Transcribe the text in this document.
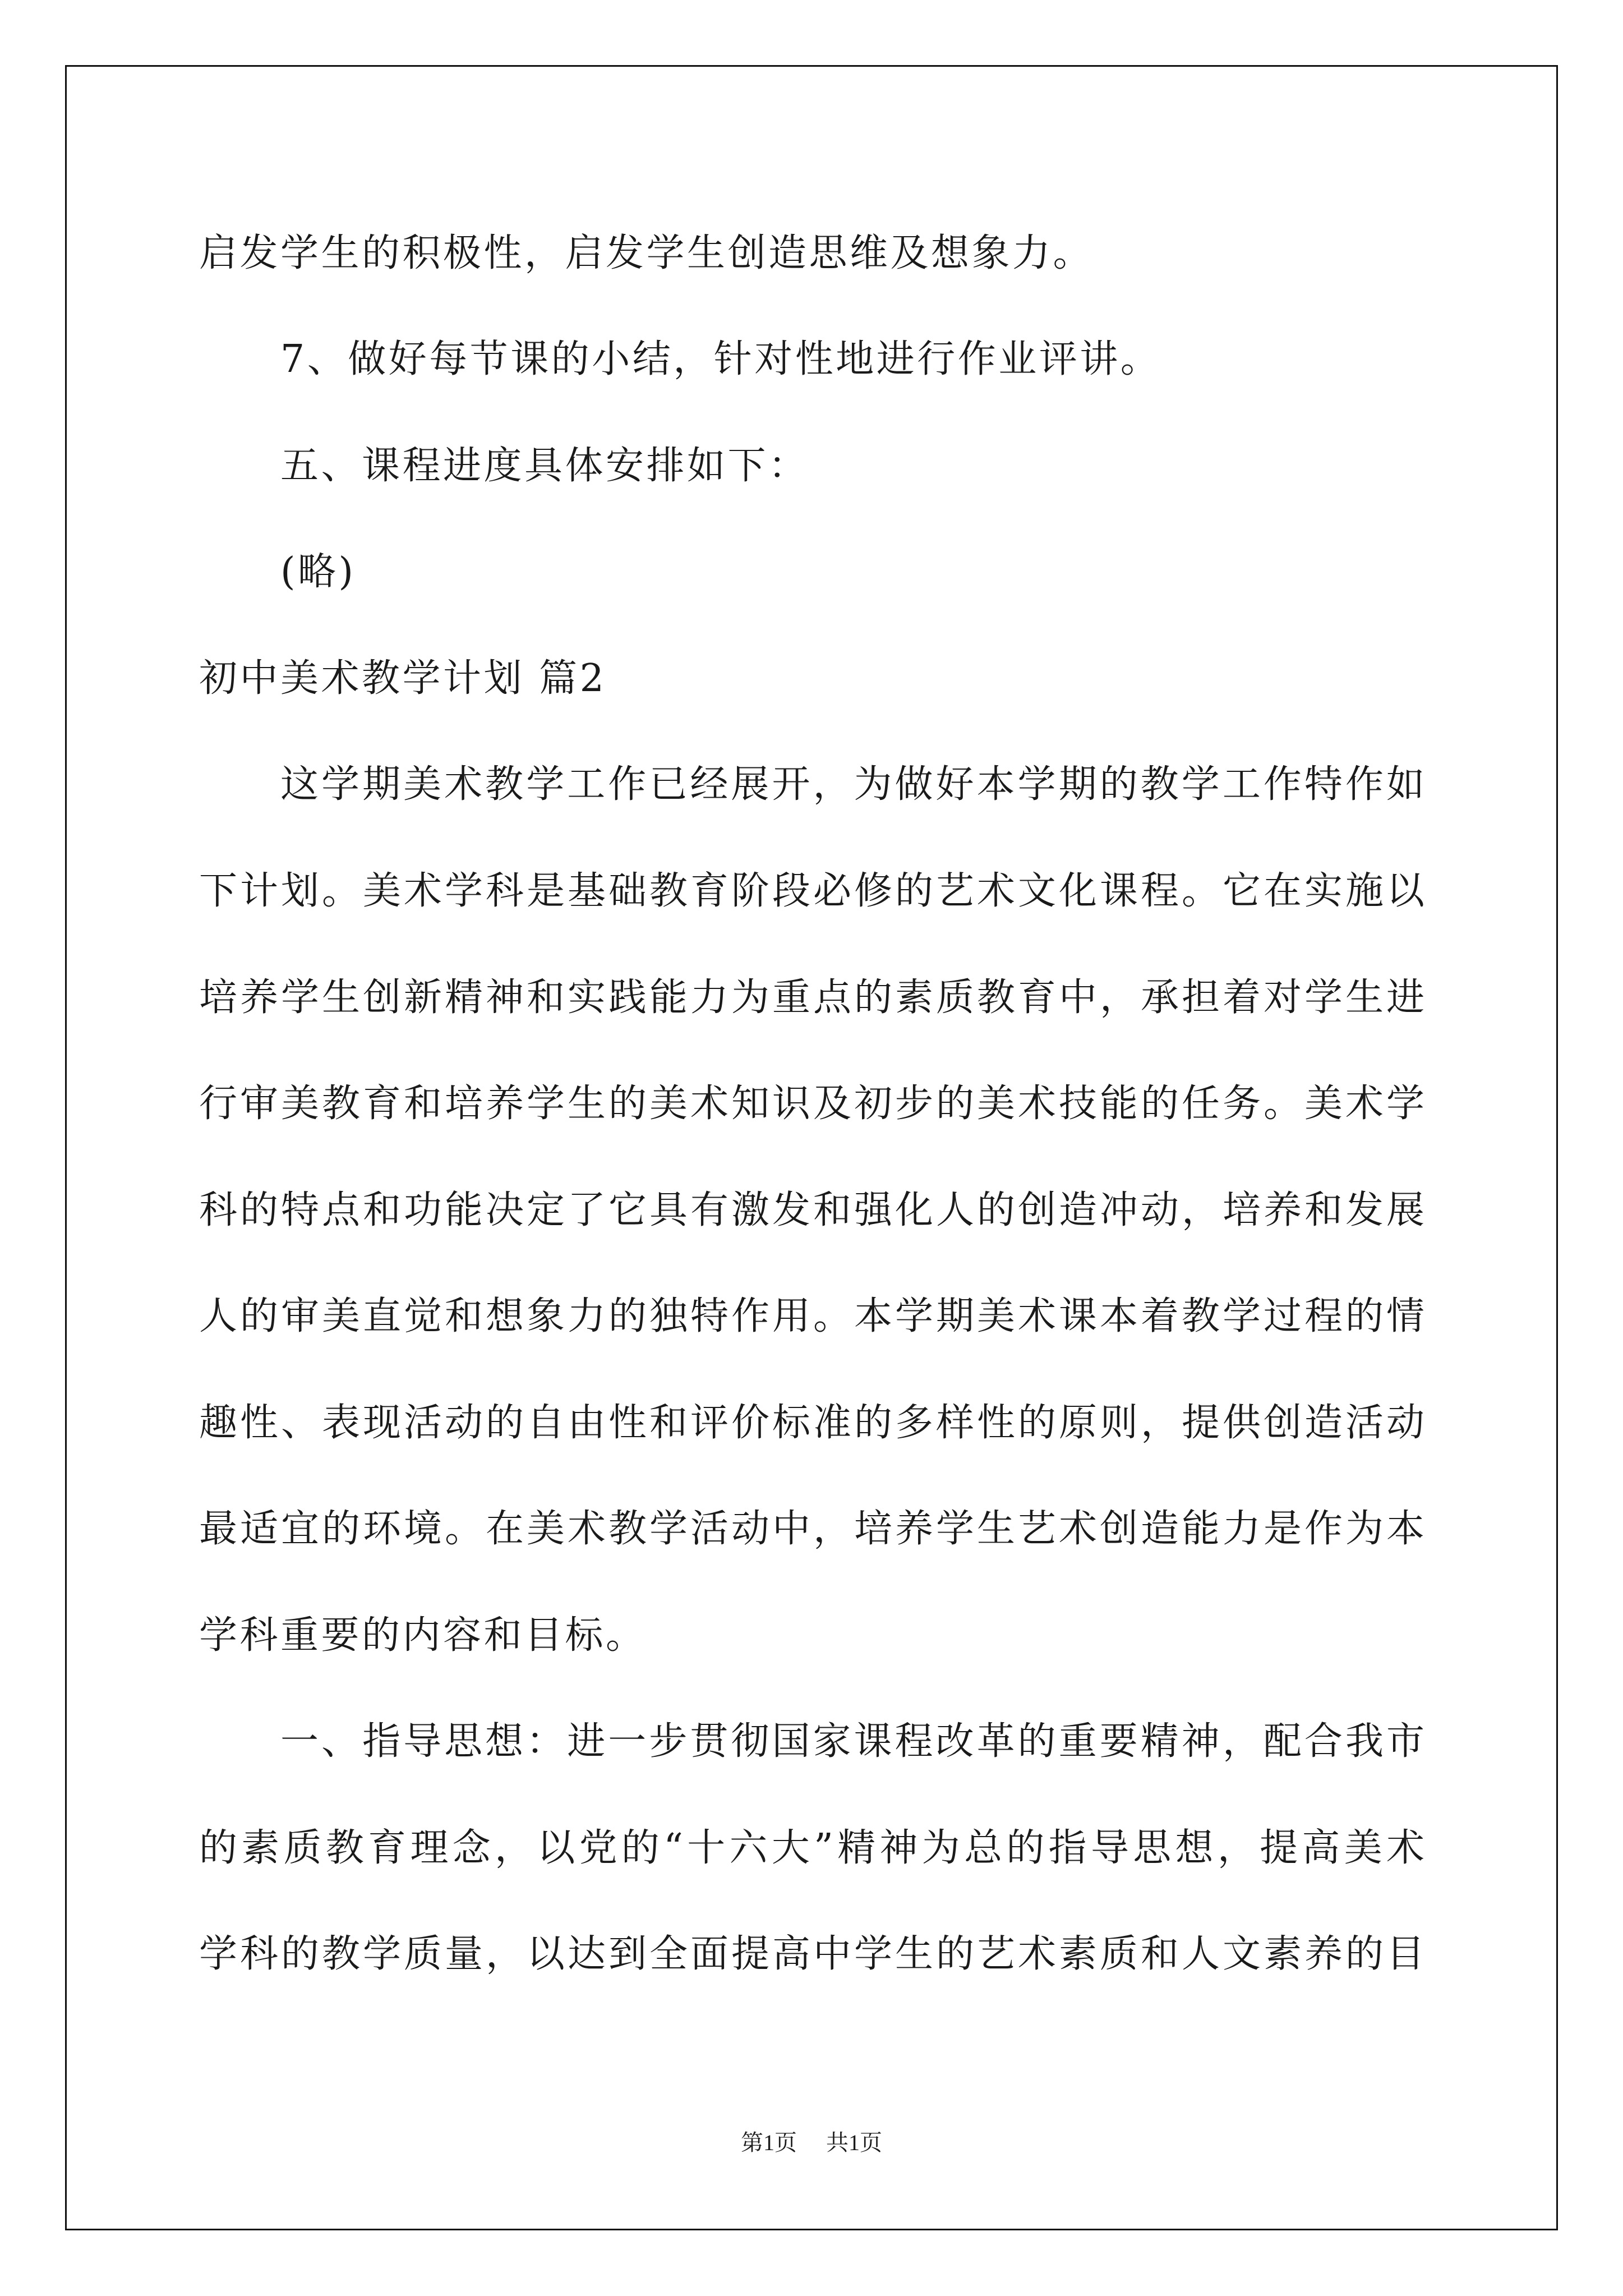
启发学生的积极性，启发学生创造思维及想象力。
7、做好每节课的小结，针对性地进行作业评讲。
五、课程进度具体安排如下：
(略)
初中美术教学计划 篇2
这学期美术教学工作已经展开，为做好本学期的教学工作特作如
下计划。美术学科是基础教育阶段必修的艺术文化课程。它在实施以
培养学生创新精神和实践能力为重点的素质教育中，承担着对学生进
行审美教育和培养学生的美术知识及初步的美术技能的任务。美术学
科的特点和功能决定了它具有激发和强化人的创造冲动，培养和发展
人的审美直觉和想象力的独特作用。本学期美术课本着教学过程的情
趣性、表现活动的自由性和评价标准的多样性的原则，提供创造活动
最适宜的环境。在美术教学活动中，培养学生艺术创造能力是作为本
学科重要的内容和目标。
一、指导思想：进一步贯彻国家课程改革的重要精神，配合我市
的素质教育理念，以党的“十六大”精神为总的指导思想，提高美术
学科的教学质量，以达到全面提高中学生的艺术素质和人文素养的目
第1页 共1页
